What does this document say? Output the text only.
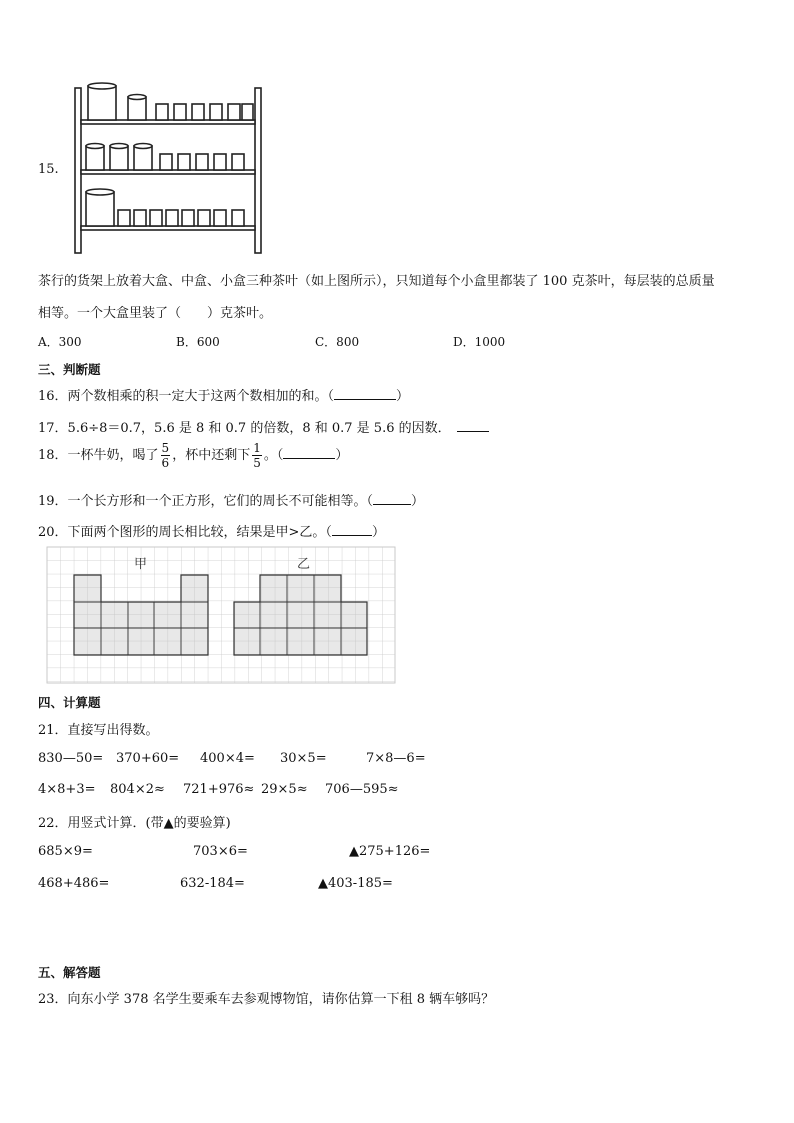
15.
茶行的货架上放着大盒、中盒、小盒三种茶叶（如上图所示），只知道每个小盒里都装了 100 克茶叶，每层装的总质量
相等。一个大盒里装了（　　）克茶叶。
A．300	B．600	C．800	D．1000
三、判断题
16．两个数相乘的积一定大于这两个数相加的和。（	）
17．5.6÷8＝0.7，5.6 是 8 和 0.7 的倍数，8 和 0.7 是 5.6 的因数．
18．一杯牛奶，喝了 $\frac{5}{6}$ ，杯中还剩下 $\frac{1}{5}$ 。（	）
19．一个长方形和一个正方形，它们的周长不可能相等。（	）
20．下面两个图形的周长相比较，结果是甲>乙。（	）
甲	乙
四、计算题
21．直接写出得数。
830—50= 370+60= 400×4= 30×5=	7×8—6=
4×8+3= 804×2≈ 721+976≈ 29×5≈ 706—595≈
22．用竖式计算．(带▲的要验算)
685×9=	703×6=	▲275+126=
468+486=	632-184=	▲403-185=
五、解答题
23．向东小学 378 名学生要乘车去参观博物馆，请你估算一下租 8 辆车够吗？
